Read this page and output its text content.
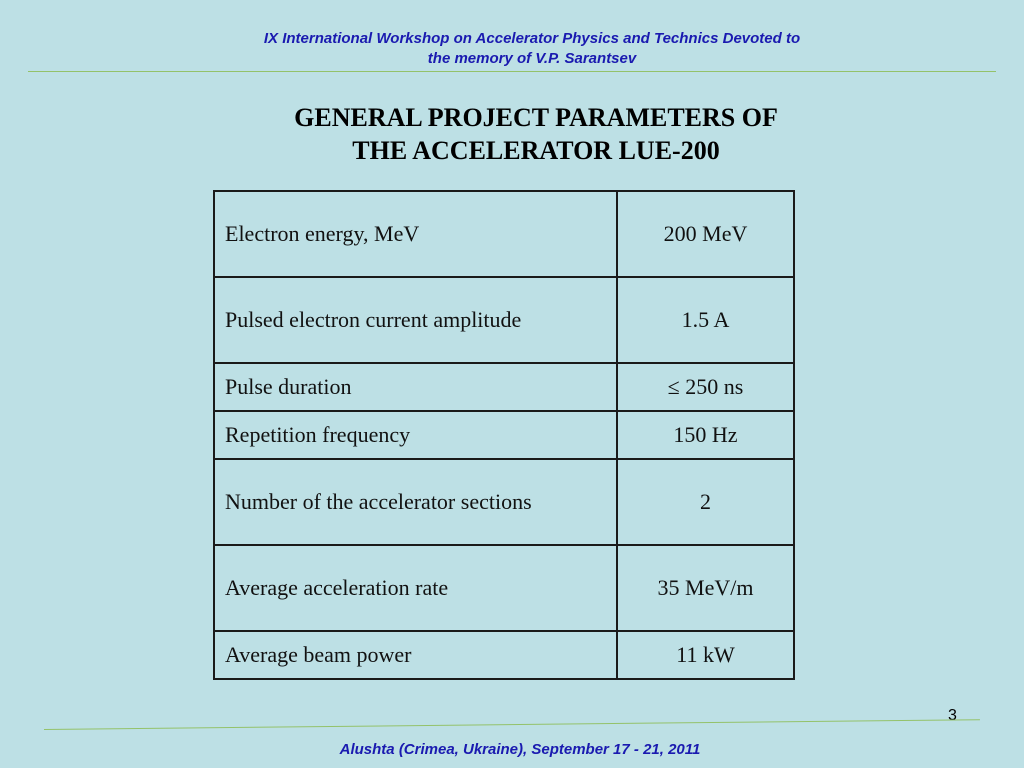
IX International Workshop on Accelerator Physics and Technics Devoted to
the memory of V.P. Sarantsev
GENERAL PROJECT PARAMETERS OF
THE ACCELERATOR LUE-200
Electron energy, MeV	200 MeV
Pulsed electron current amplitude	1.5 A
Pulse duration	≤ 250 ns
Repetition frequency	150 Hz
Number of the accelerator sections	2
Average acceleration rate	35 MeV/m
Average beam power	11 kW
3
Alushta (Crimea, Ukraine), September 17 - 21, 2011
